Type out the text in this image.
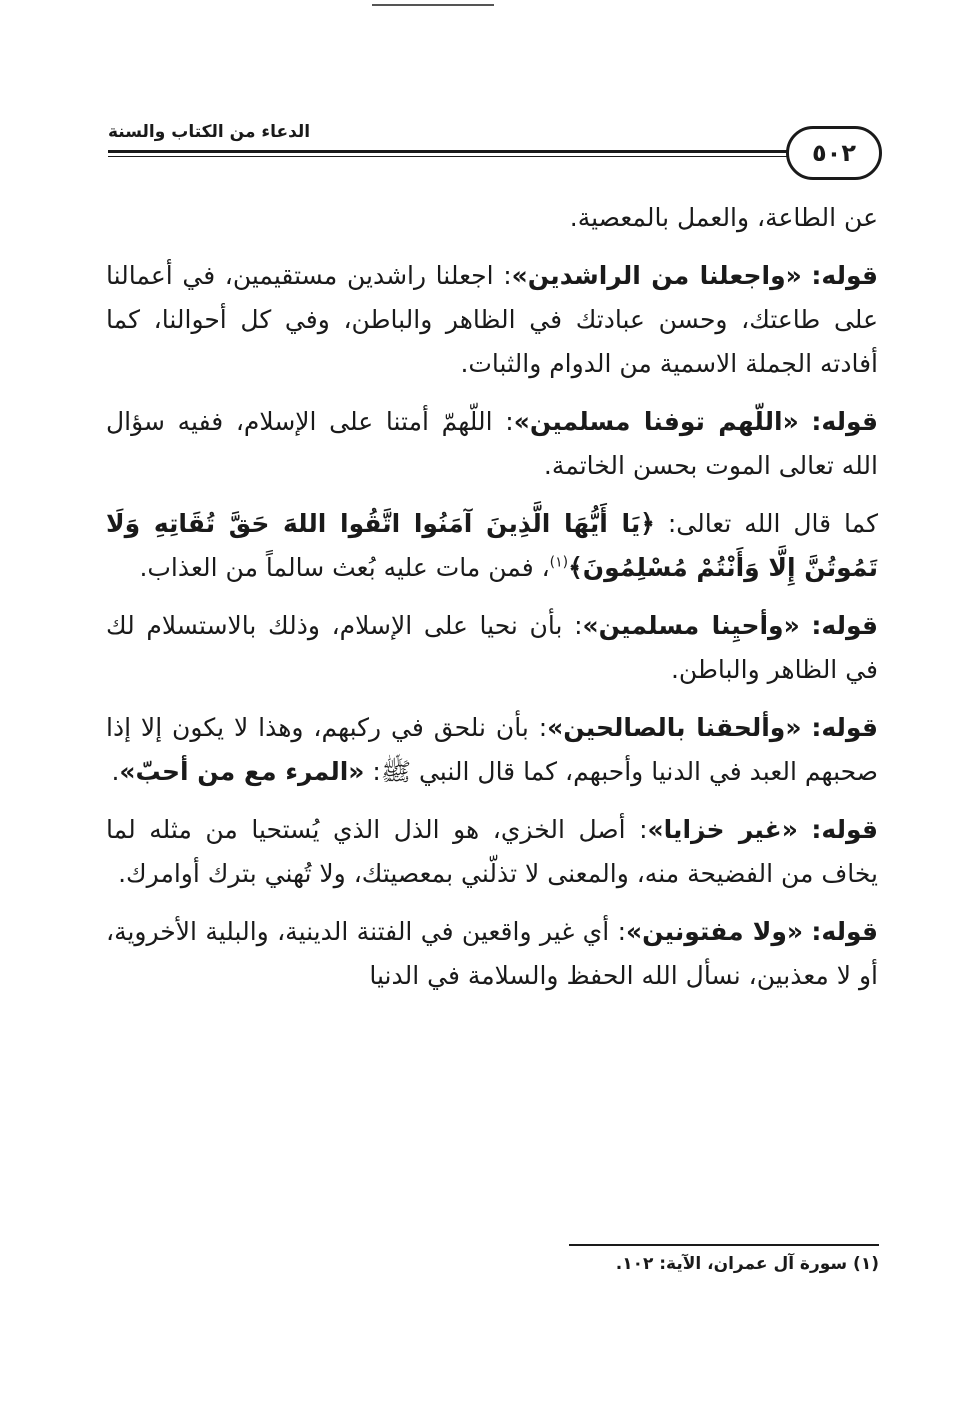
٥٠٢
الدعاء من الكتاب والسنة

عن الطاعة، والعمل بالمعصية.

قوله: «واجعلنا من الراشدين»: اجعلنا راشدين مستقيمين، في أعمالنا على طاعتك، وحسن عبادتك في الظاهر والباطن، وفي كل أحوالنا، كما أفادته الجملة الاسمية من الدوام والثبات.

قوله: «اللّهم توفنا مسلمين»: اللّهمّ أمتنا على الإسلام، ففيه سؤال الله تعالى الموت بحسن الخاتمة.

كما قال الله تعالى: ﴿يَا أَيُّهَا الَّذِينَ آمَنُوا اتَّقُوا اللهَ حَقَّ تُقَاتِهِ وَلَا تَمُوتُنَّ إِلَّا وَأَنْتُمْ مُسْلِمُونَ﴾$^{(١)}$، فمن مات عليه بُعث سالماً من العذاب.

قوله: «وأحيِنا مسلمين»: بأن نحيا على الإسلام، وذلك بالاستسلام لك في الظاهر والباطن.

قوله: «وألحقنا بالصالحين»: بأن نلحق في ركبهم، وهذا لا يكون إلا إذا صحبهم العبد في الدنيا وأحبهم، كما قال النبي ﷺ: «المرء مع من أحبّ».

قوله: «غير خزايا»: أصل الخزي، هو الذل الذي يُستحيا من مثله لما يخاف من الفضيحة منه، والمعنى لا تذلّني بمعصيتك، ولا تُهني بترك أوامرك.

قوله: «ولا مفتونين»: أي غير واقعين في الفتنة الدينية، والبلية الأخروية، أو لا معذبين، نسأل الله الحفظ والسلامة في الدنيا

(١) سورة آل عمران، الآية: ١٠٢.
